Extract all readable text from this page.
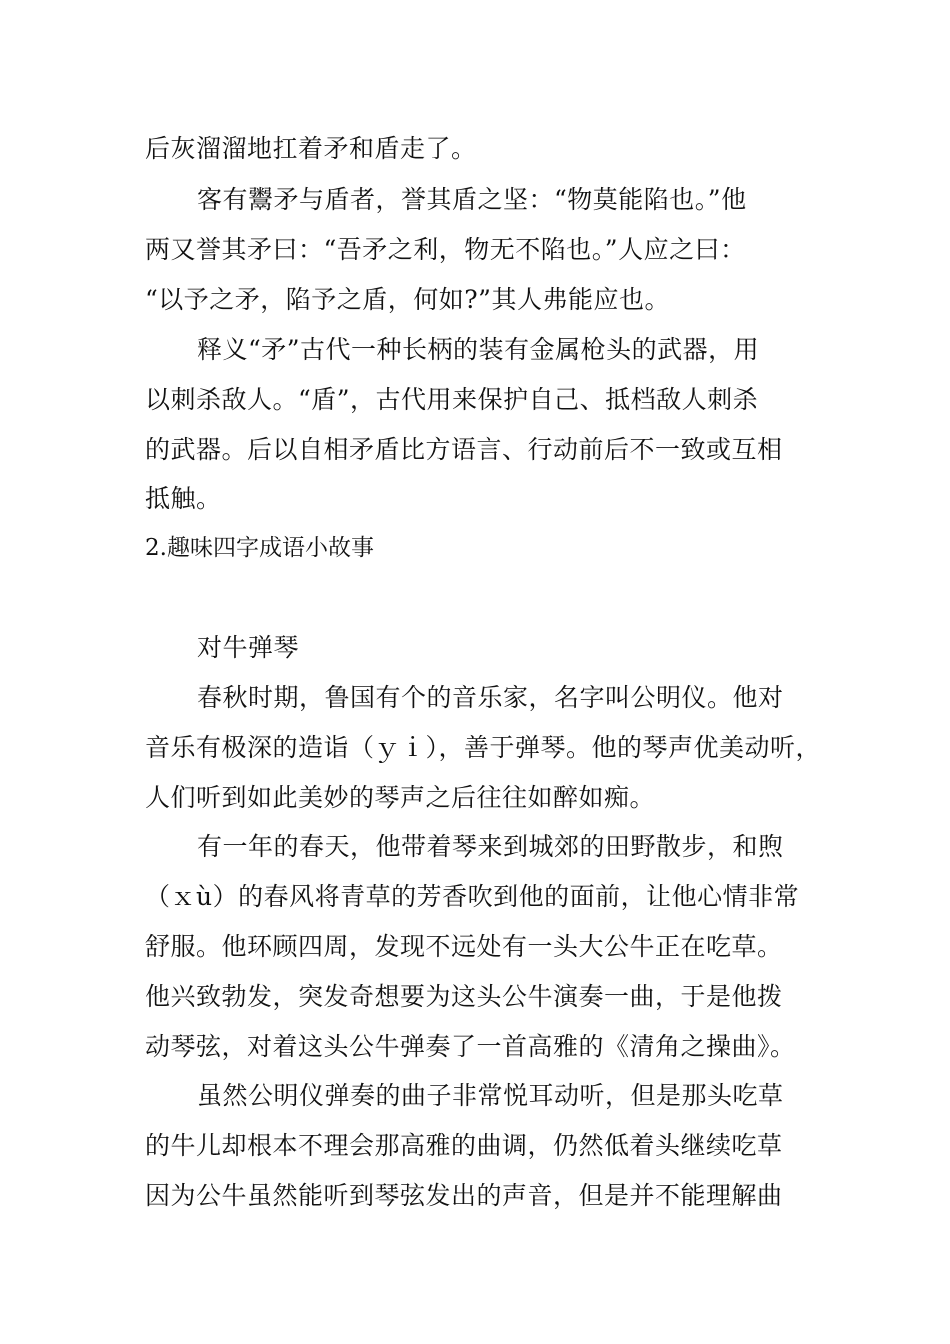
后灰溜溜地扛着矛和盾走了。
客有鬻矛与盾者，誉其盾之坚：“物莫能陷也。”他
两又誉其矛曰：“吾矛之利，物无不陷也。”人应之曰：
“以予之矛，陷予之盾，何如?”其人弗能应也。
释义“矛”古代一种长柄的装有金属枪头的武器，用
以刺杀敌人。“盾”，古代用来保护自己、抵档敌人刺杀
的武器。后以自相矛盾比方语言、行动前后不一致或互相
抵触。
2.趣味四字成语小故事
对牛弹琴
春秋时期，鲁国有个的音乐家，名字叫公明仪。他对
音乐有极深的造诣（ｙｉ），善于弹琴。他的琴声优美动听，
人们听到如此美妙的琴声之后往往如醉如痴。
有一年的春天，他带着琴来到城郊的田野散步，和煦
（ｘù）的春风将青草的芳香吹到他的面前，让他心情非常
舒服。他环顾四周，发现不远处有一头大公牛正在吃草。
他兴致勃发，突发奇想要为这头公牛演奏一曲，于是他拨
动琴弦，对着这头公牛弹奏了一首高雅的《清角之操曲》。
虽然公明仪弹奏的曲子非常悦耳动听，但是那头吃草
的牛儿却根本不理会那高雅的曲调，仍然低着头继续吃草
因为公牛虽然能听到琴弦发出的声音，但是并不能理解曲
